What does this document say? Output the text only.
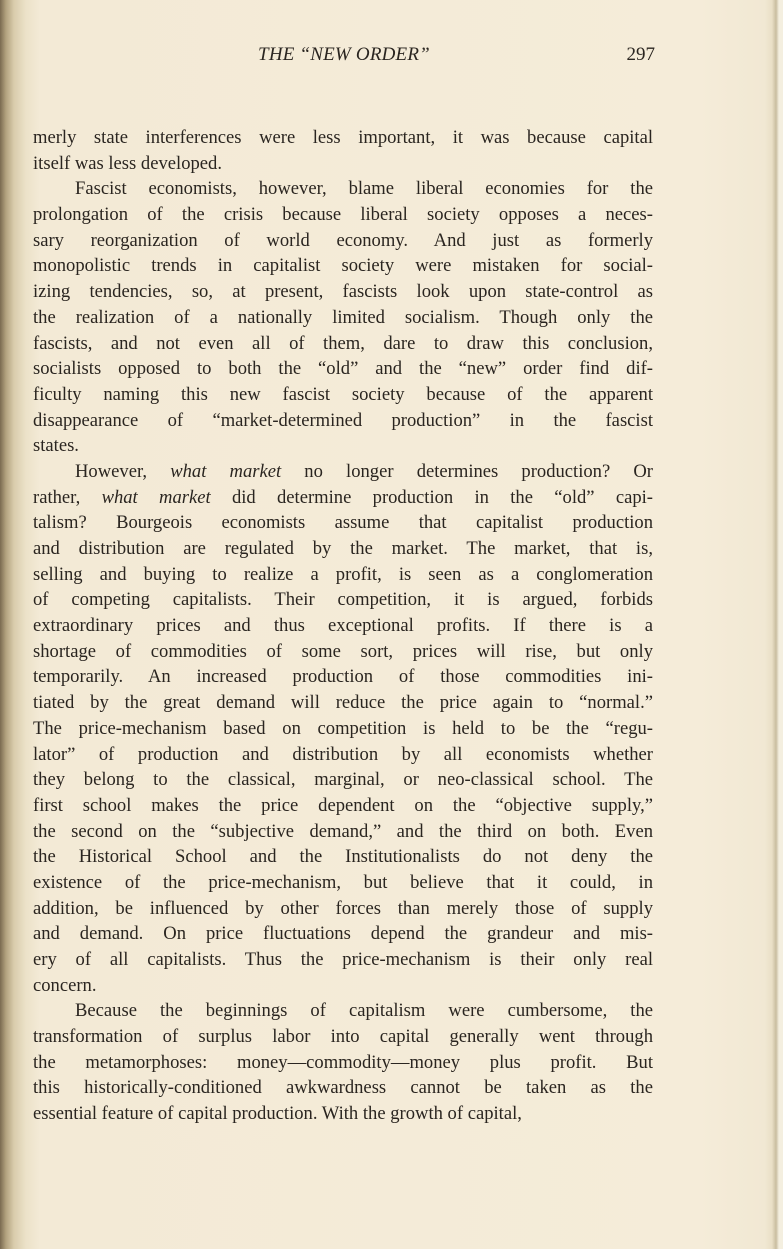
THE “NEW ORDER”	297
merly state interferences were less important, it was because capital
itself was less developed.
Fascist economists, however, blame liberal economies for the
prolongation of the crisis because liberal society opposes a neces-
sary reorganization of world economy. And just as formerly
monopolistic trends in capitalist society were mistaken for social-
izing tendencies, so, at present, fascists look upon state-control as
the realization of a nationally limited socialism. Though only the
fascists, and not even all of them, dare to draw this conclusion,
socialists opposed to both the “old” and the “new” order find dif-
ficulty naming this new fascist society because of the apparent
disappearance of “market-determined production” in the fascist
states.
However, what market no longer determines production? Or
rather, what market did determine production in the “old” capi-
talism? Bourgeois economists assume that capitalist production
and distribution are regulated by the market. The market, that is,
selling and buying to realize a profit, is seen as a conglomeration
of competing capitalists. Their competition, it is argued, forbids
extraordinary prices and thus exceptional profits. If there is a
shortage of commodities of some sort, prices will rise, but only
temporarily. An increased production of those commodities ini-
tiated by the great demand will reduce the price again to “normal.”
The price-mechanism based on competition is held to be the “regu-
lator” of production and distribution by all economists whether
they belong to the classical, marginal, or neo-classical school. The
first school makes the price dependent on the “objective supply,”
the second on the “subjective demand,” and the third on both. Even
the Historical School and the Institutionalists do not deny the
existence of the price-mechanism, but believe that it could, in
addition, be influenced by other forces than merely those of supply
and demand. On price fluctuations depend the grandeur and mis-
ery of all capitalists. Thus the price-mechanism is their only real
concern.
Because the beginnings of capitalism were cumbersome, the
transformation of surplus labor into capital generally went through
the metamorphoses: money—commodity—money plus profit. But
this historically-conditioned awkwardness cannot be taken as the
essential feature of capital production. With the growth of capital,
